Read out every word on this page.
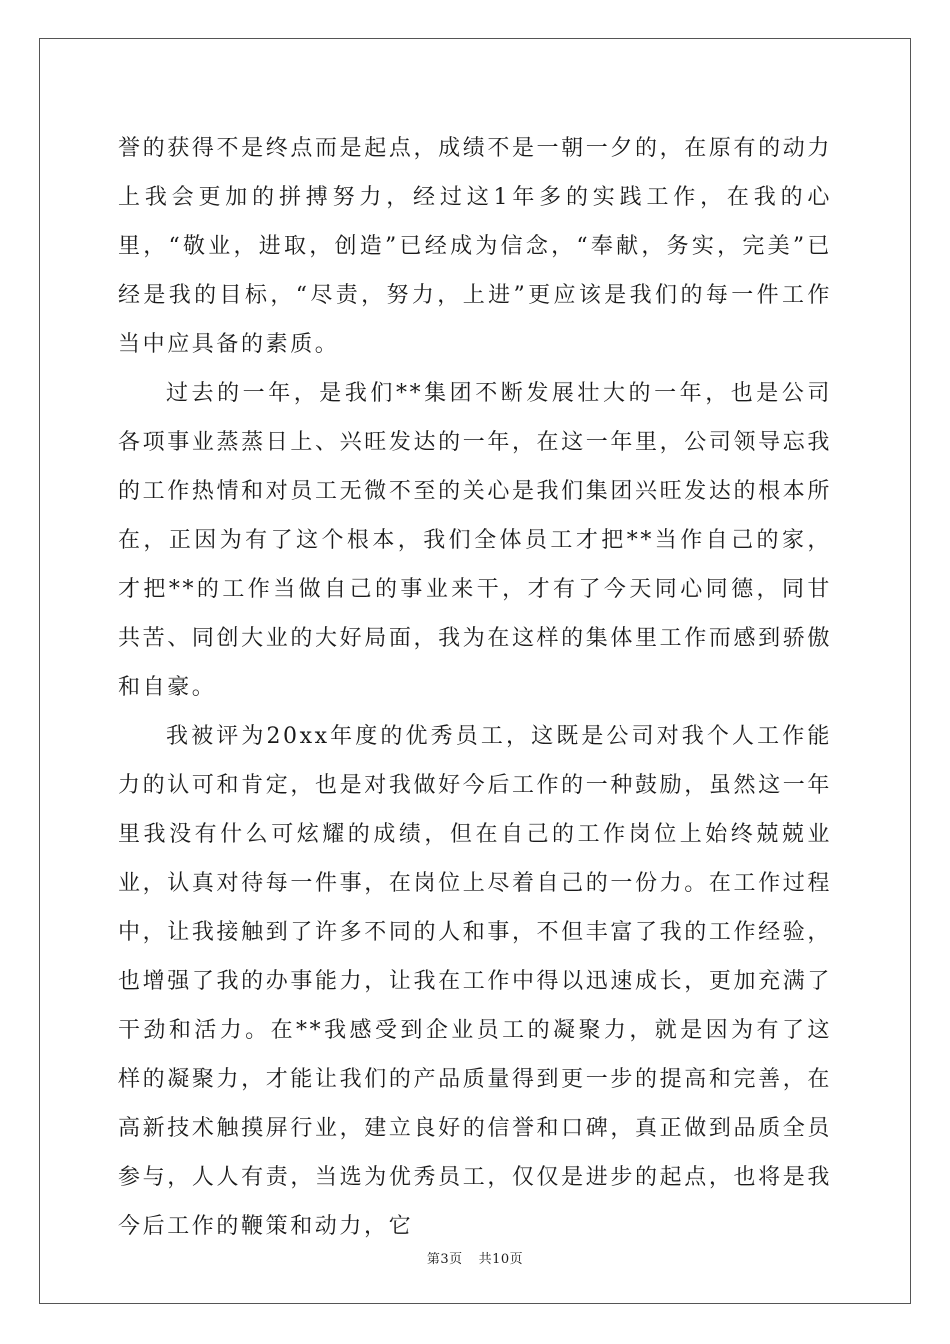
誉的获得不是终点而是起点，成绩不是一朝一夕的，在原有的动力上我会更加的拼搏努力，经过这1年多的实践工作，在我的心里，“敬业，进取，创造”已经成为信念，“奉献，务实，完美”已经是我的目标，“尽责，努力，上进”更应该是我们的每一件工作当中应具备的素质。

过去的一年，是我们**集团不断发展壮大的一年，也是公司各项事业蒸蒸日上、兴旺发达的一年，在这一年里，公司领导忘我的工作热情和对员工无微不至的关心是我们集团兴旺发达的根本所在，正因为有了这个根本，我们全体员工才把**当作自己的家，才把**的工作当做自己的事业来干，才有了今天同心同德，同甘共苦、同创大业的大好局面，我为在这样的集体里工作而感到骄傲和自豪。

我被评为20xx年度的优秀员工，这既是公司对我个人工作能力的认可和肯定，也是对我做好今后工作的一种鼓励，虽然这一年里我没有什么可炫耀的成绩，但在自己的工作岗位上始终兢兢业业，认真对待每一件事，在岗位上尽着自己的一份力。在工作过程中，让我接触到了许多不同的人和事，不但丰富了我的工作经验，也增强了我的办事能力，让我在工作中得以迅速成长，更加充满了干劲和活力。在**我感受到企业员工的凝聚力，就是因为有了这样的凝聚力，才能让我们的产品质量得到更一步的提高和完善，在高新技术触摸屏行业，建立良好的信誉和口碑，真正做到品质全员参与，人人有责，当选为优秀员工，仅仅是进步的起点，也将是我今后工作的鞭策和动力，它

第3页 共10页
